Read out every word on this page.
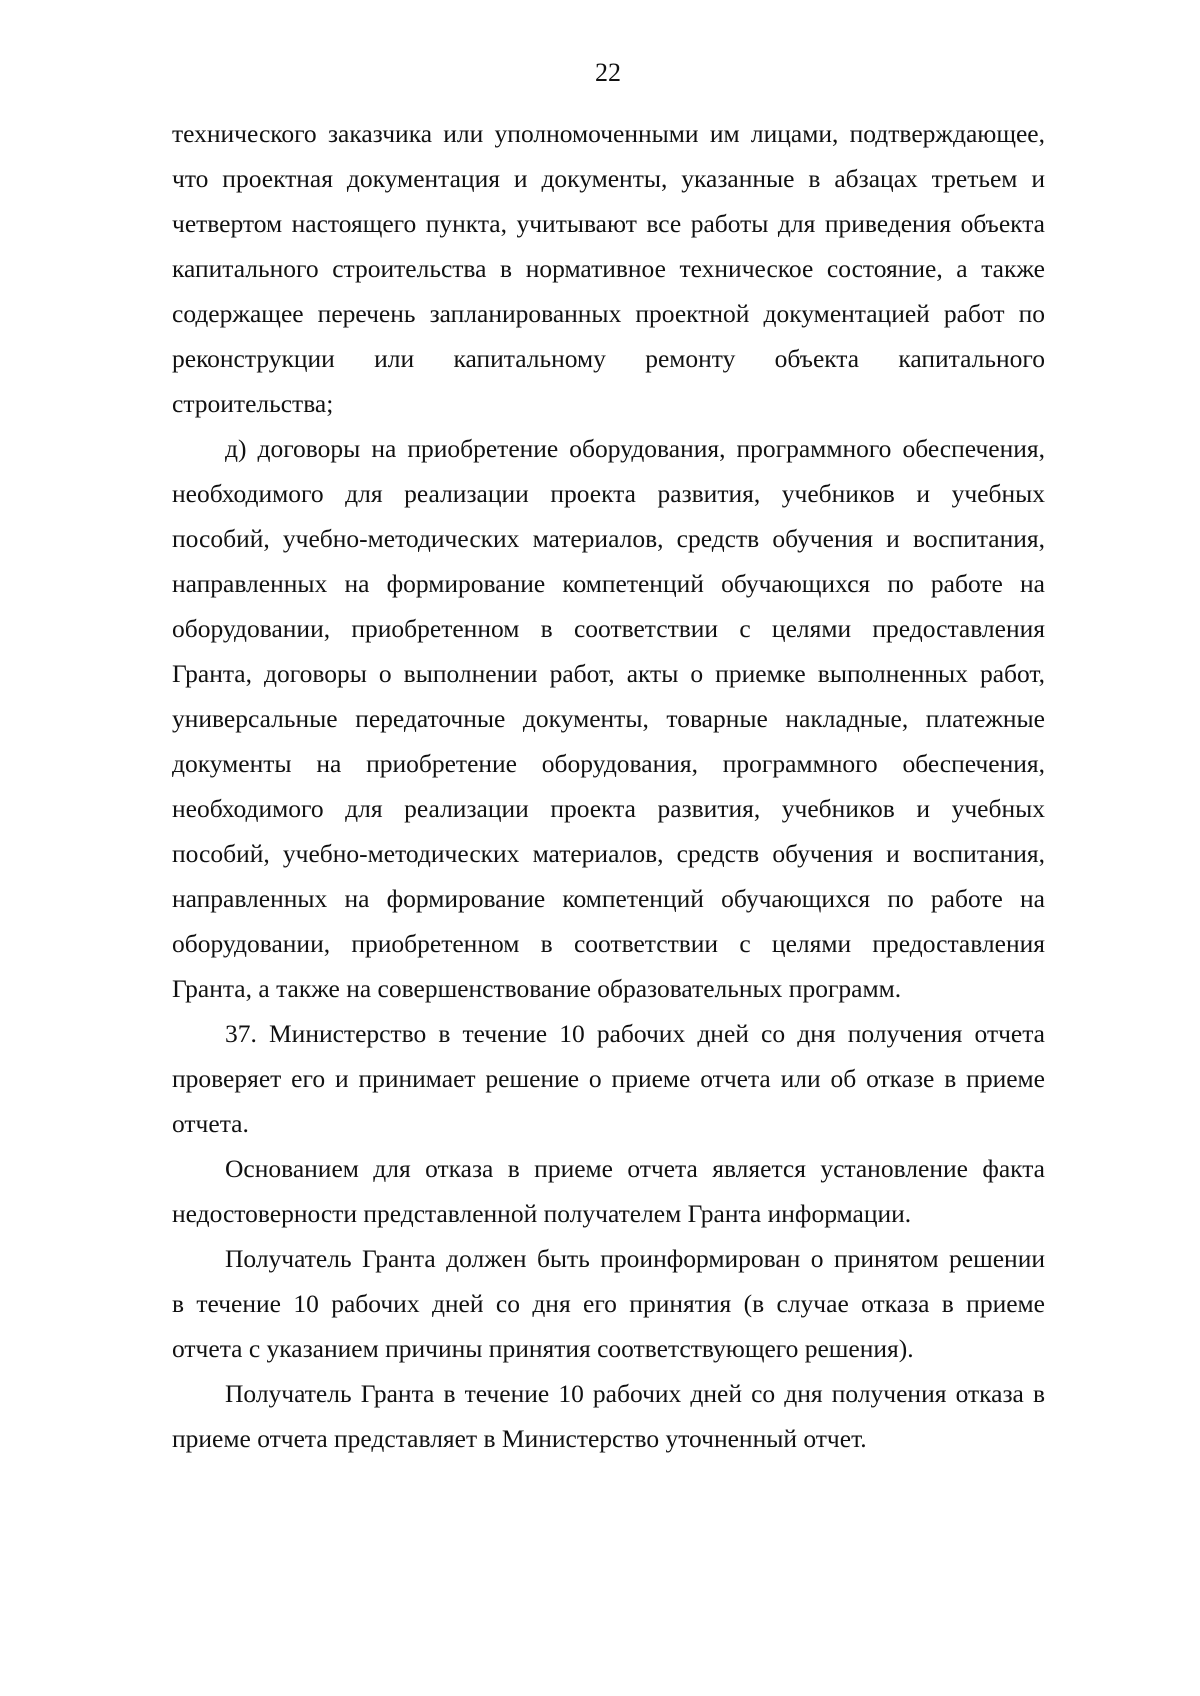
22
технического заказчика или уполномоченными им лицами, подтверждающее,
что проектная документация и документы, указанные в абзацах третьем и
четвертом настоящего пункта, учитывают все работы для приведения объекта
капитального строительства в нормативное техническое состояние, а также
содержащее перечень запланированных проектной документацией работ по
реконструкции или капитальному ремонту объекта капитального
строительства;
д) договоры на приобретение оборудования, программного обеспечения,
необходимого для реализации проекта развития, учебников и учебных
пособий, учебно-методических материалов, средств обучения и воспитания,
направленных на формирование компетенций обучающихся по работе на
оборудовании, приобретенном в соответствии с целями предоставления
Гранта, договоры о выполнении работ, акты о приемке выполненных работ,
универсальные передаточные документы, товарные накладные, платежные
документы на приобретение оборудования, программного обеспечения,
необходимого для реализации проекта развития, учебников и учебных
пособий, учебно-методических материалов, средств обучения и воспитания,
направленных на формирование компетенций обучающихся по работе на
оборудовании, приобретенном в соответствии с целями предоставления
Гранта, а также на совершенствование образовательных программ.
37. Министерство в течение 10 рабочих дней со дня получения отчета
проверяет его и принимает решение о приеме отчета или об отказе в приеме
отчета.
Основанием для отказа в приеме отчета является установление факта
недостоверности представленной получателем Гранта информации.
Получатель Гранта должен быть проинформирован о принятом решении
в течение 10 рабочих дней со дня его принятия (в случае отказа в приеме
отчета с указанием причины принятия соответствующего решения).
Получатель Гранта в течение 10 рабочих дней со дня получения отказа в
приеме отчета представляет в Министерство уточненный отчет.
